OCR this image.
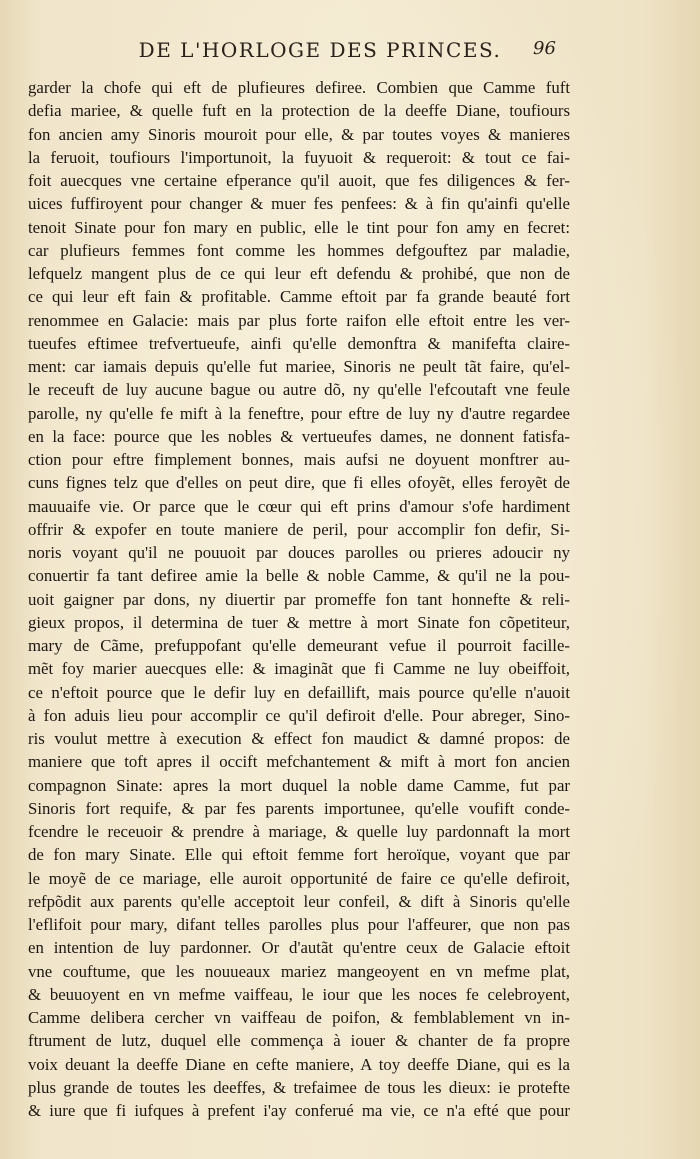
DE L'HORLOGE DES PRINCES.	96
garder la chofe qui eft de plufieures defiree. Combien que Camme fuft
defia mariee, & quelle fuft en la protection de la deeffe Diane, toufiours
fon ancien amy Sinoris mouroit pour elle, & par toutes voyes & manieres
la feruoit, toufiours l'importunoit, la fuyuoit & requeroit: & tout ce fai-
foit auecques vne certaine efperance qu'il auoit, que fes diligences & fer-
uices fuffiroyent pour changer & muer fes penfees: & à fin qu'ainfi qu'elle
tenoit Sinate pour fon mary en public, elle le tint pour fon amy en fecret:
car plufieurs femmes font comme les hommes defgouftez par maladie,
lefquelz mangent plus de ce qui leur eft defendu & prohibé, que non de
ce qui leur eft fain & profitable. Camme eftoit par fa grande beauté fort
renommee en Galacie: mais par plus forte raifon elle eftoit entre les ver-
tueufes eftimee trefvertueufe, ainfi qu'elle demonftra & manifefta claire-
ment: car iamais depuis qu'elle fut mariee, Sinoris ne peult tãt faire, qu'el-
le receuft de luy aucune bague ou autre dõ, ny qu'elle l'efcoutaft vne feule
parolle, ny qu'elle fe mift à la feneftre, pour eftre de luy ny d'autre regardee
en la face: pource que les nobles & vertueufes dames, ne donnent fatisfa-
ction pour eftre fimplement bonnes, mais aufsi ne doyuent monftrer au-
cuns fignes telz que d'elles on peut dire, que fi elles ofoyẽt, elles feroyẽt de
mauuaife vie. Or parce que le cœur qui eft prins d'amour s'ofe hardiment
offrir & expofer en toute maniere de peril, pour accomplir fon defir, Si-
noris voyant qu'il ne pouuoit par douces parolles ou prieres adoucir ny
conuertir fa tant defiree amie la belle & noble Camme, & qu'il ne la pou-
uoit gaigner par dons, ny diuertir par promeffe fon tant honnefte & reli-
gieux propos, il determina de tuer & mettre à mort Sinate fon cõpetiteur,
mary de Cãme, prefuppofant qu'elle demeurant vefue il pourroit facille-
mẽt foy marier auecques elle: & imaginãt que fi Camme ne luy obeiffoit,
ce n'eftoit pource que le defir luy en defaillift, mais pource qu'elle n'auoit
à fon aduis lieu pour accomplir ce qu'il defiroit d'elle. Pour abreger, Sino-
ris voulut mettre à execution & effect fon maudict & damné propos: de
maniere que toft apres il occift mefchantement & mift à mort fon ancien
compagnon Sinate: apres la mort duquel la noble dame Camme, fut par
Sinoris fort requife, & par fes parents importunee, qu'elle voufift conde-
fcendre le receuoir & prendre à mariage, & quelle luy pardonnaft la mort
de fon mary Sinate. Elle qui eftoit femme fort heroïque, voyant que par
le moyẽ de ce mariage, elle auroit opportunité de faire ce qu'elle defiroit,
refpõdit aux parents qu'elle acceptoit leur confeil, & dift à Sinoris qu'elle
l'eflifoit pour mary, difant telles parolles plus pour l'affeurer, que non pas
en intention de luy pardonner. Or d'autãt qu'entre ceux de Galacie eftoit
vne couftume, que les nouueaux mariez mangeoyent en vn mefme plat,
& beuuoyent en vn mefme vaiffeau, le iour que les noces fe celebroyent,
Camme delibera cercher vn vaiffeau de poifon, & femblablement vn in-
ftrument de lutz, duquel elle commença à iouer & chanter de fa propre
voix deuant la deeffe Diane en cefte maniere, A toy deeffe Diane, qui es la
plus grande de toutes les deeffes, & trefaimee de tous les dieux: ie protefte
& iure que fi iufques à prefent i'ay conferué ma vie, ce n'a efté que pour
